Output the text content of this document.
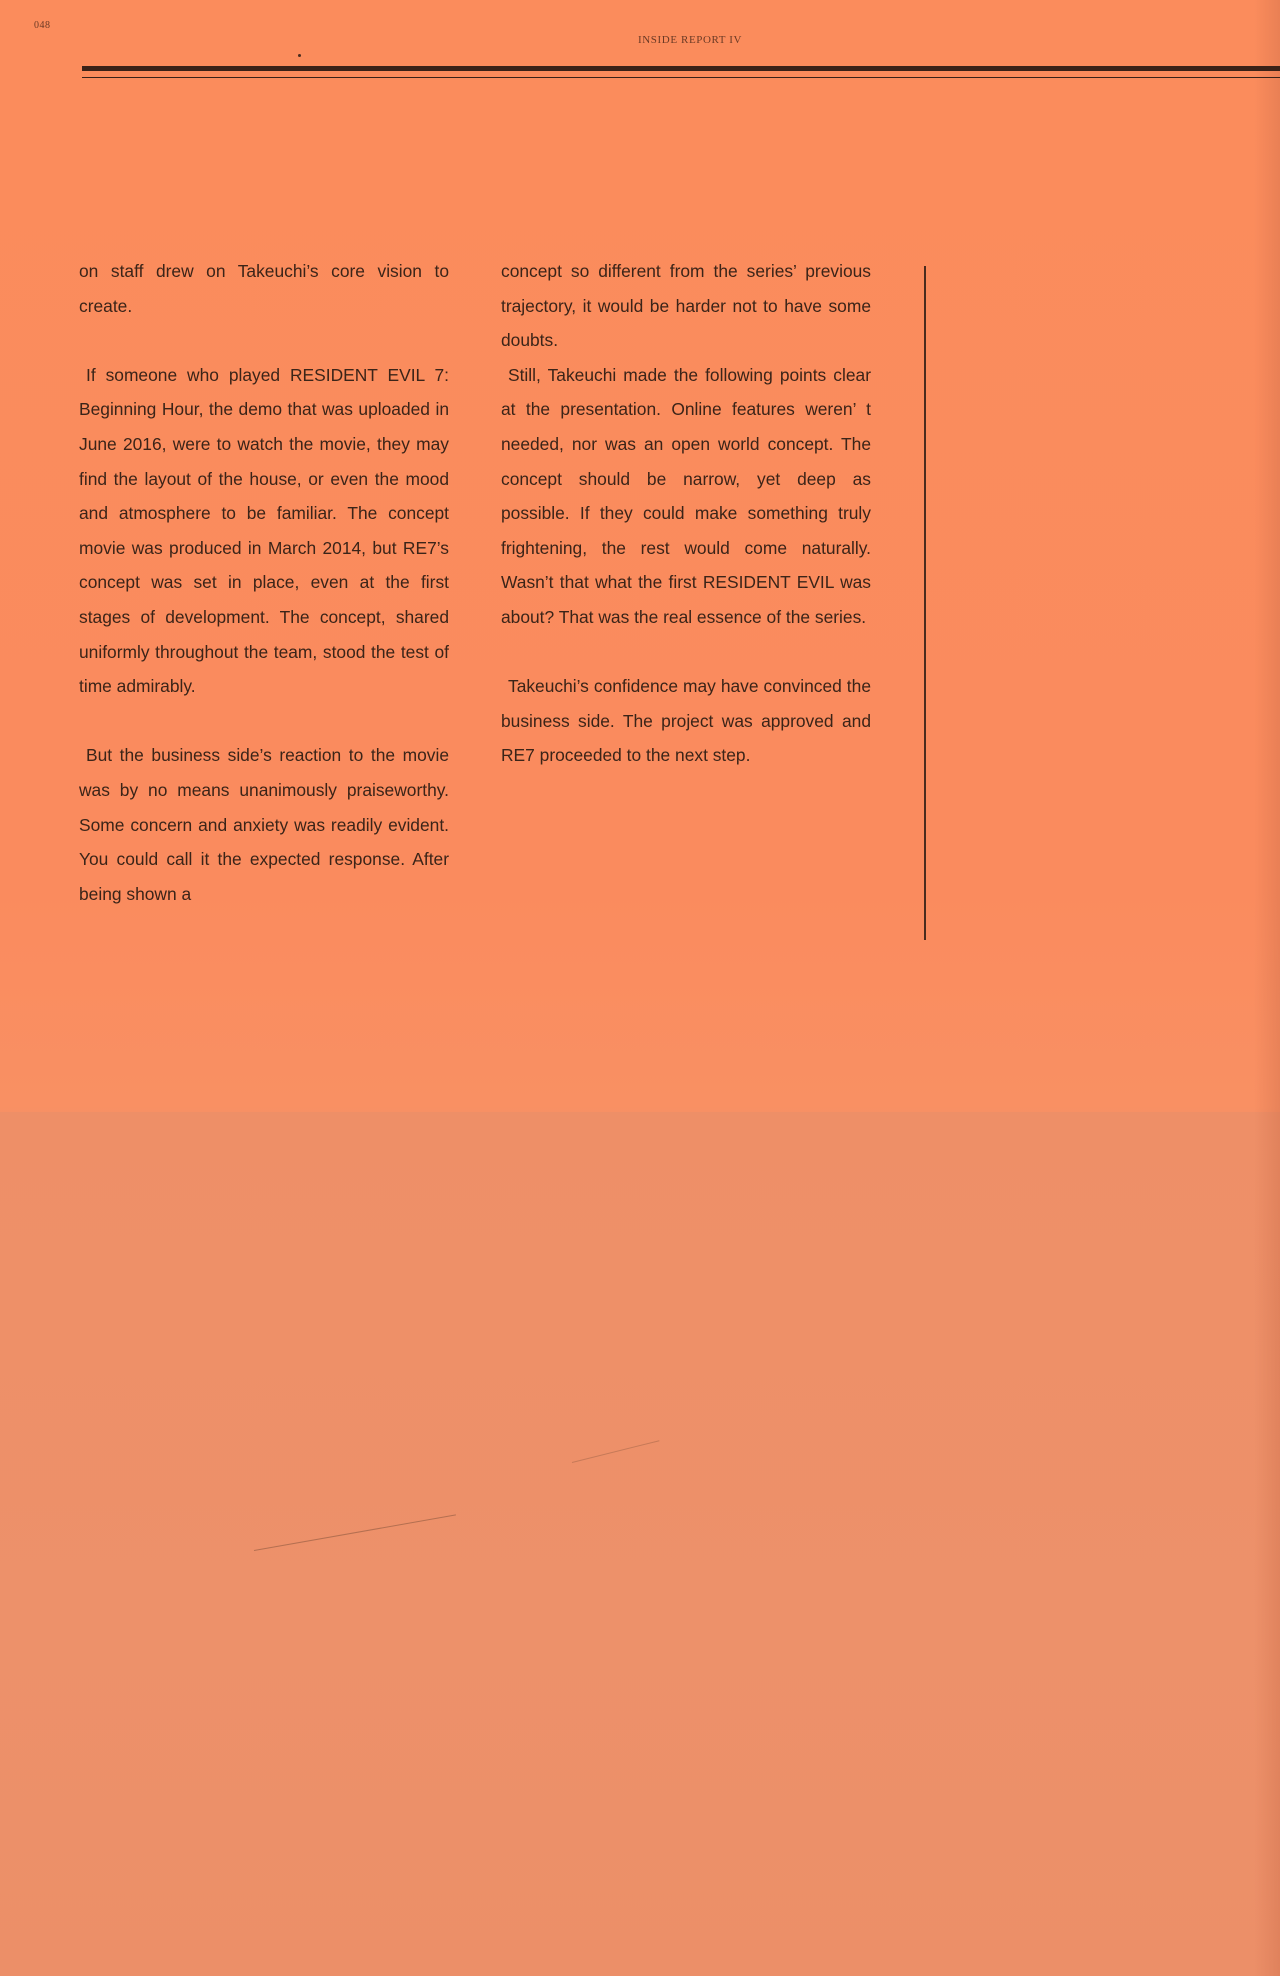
048
INSIDE REPORT IV

on staff drew on Takeuchi’s core vision to create.

If someone who played RESIDENT EVIL 7: Beginning Hour, the demo that was uploaded in June 2016, were to watch the movie, they may find the layout of the house, or even the mood and atmosphere to be familiar. The concept movie was produced in March 2014, but RE7’s concept was set in place, even at the first stages of development. The concept, shared uniformly throughout the team, stood the test of time admirably.

But the business side’s reaction to the movie was by no means unanimously praiseworthy. Some concern and anxiety was readily evident. You could call it the expected response. After being shown a

concept so different from the series’ previous trajectory, it would be harder not to have some doubts.

Still, Takeuchi made the following points clear at the presentation. Online features weren’ t needed, nor was an open world concept. The concept should be narrow, yet deep as possible. If they could make something truly frightening, the rest would come naturally. Wasn’t that what the first RESIDENT EVIL was about? That was the real essence of the series.

Takeuchi’s confidence may have convinced the business side. The project was approved and RE7 proceeded to the next step.
